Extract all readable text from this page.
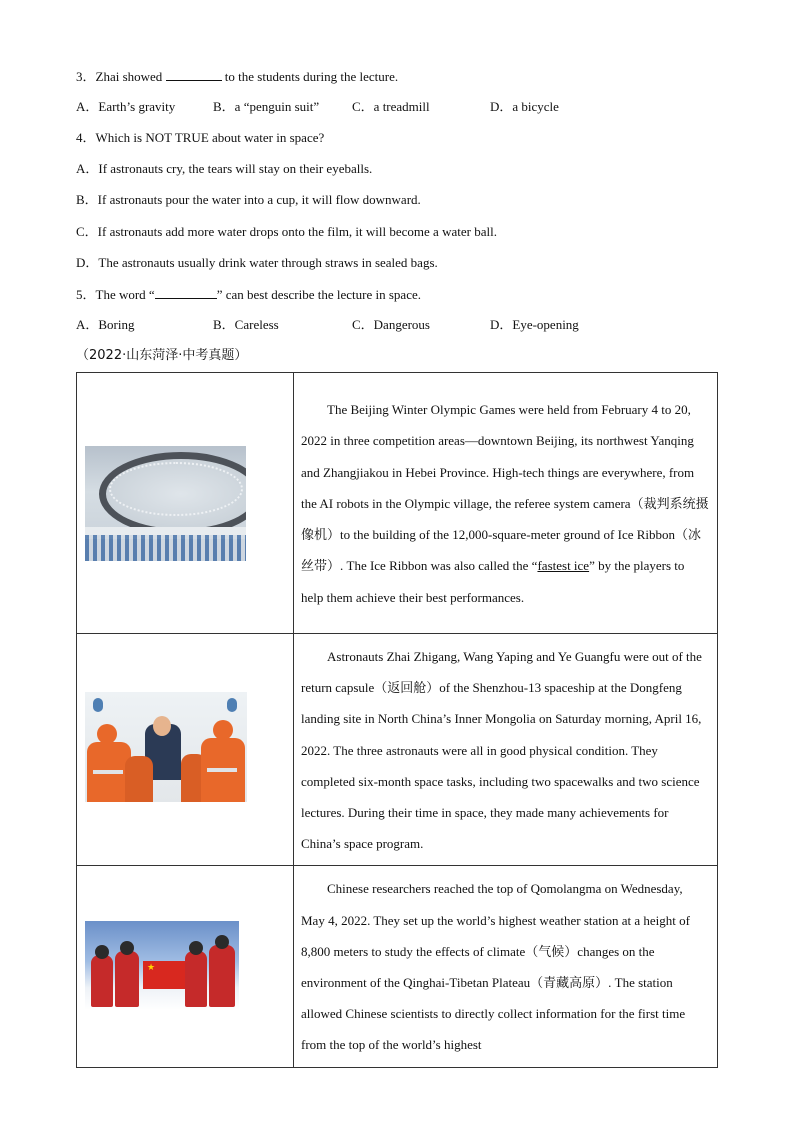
3．Zhai showed	to the students during the lecture.
A．Earth’s gravity	B．a “penguin suit”	C．a treadmill	D．a bicycle
4．Which is NOT TRUE about water in space?
A．If astronauts cry, the tears will stay on their eyeballs.
B．If astronauts pour the water into a cup, it will flow downward.
C．If astronauts add more water drops onto the film, it will become a water ball.
D．The astronauts usually drink water through straws in sealed bags.
5．The word “	” can best describe the lecture in space.
A．Boring	B．Careless	C．Dangerous	D．Eye-opening
（2022·山东菏泽·中考真题）

	The Beijing Winter Olympic Games were held from February 4 to 20, 2022 in three competition areas—downtown Beijing, its northwest Yanqing and Zhangjiakou in Hebei Province. High-tech things are everywhere, from the AI robots in the Olympic village, the referee system camera（裁判系统摄像机）to the building of the 12,000-square-meter ground of Ice Ribbon（冰丝带）. The Ice Ribbon was also called the “fastest ice” by the players to help them achieve their best performances.

	Astronauts Zhai Zhigang, Wang Yaping and Ye Guangfu were out of the return capsule（返回舱）of the Shenzhou-13 spaceship at the Dongfeng landing site in North China’s Inner Mongolia on Saturday morning, April 16, 2022. The three astronauts were all in good physical condition. They completed six-month space tasks, including two spacewalks and two science lectures. During their time in space, they made many achievements for China’s space program.

★	Chinese researchers reached the top of Qomolangma on Wednesday, May 4, 2022. They set up the world’s highest weather station at a height of 8,800 meters to study the effects of climate（气候）changes on the environment of the Qinghai-Tibetan Plateau（青藏高原）. The station allowed Chinese scientists to directly collect information for the first time from the top of the world’s highest
